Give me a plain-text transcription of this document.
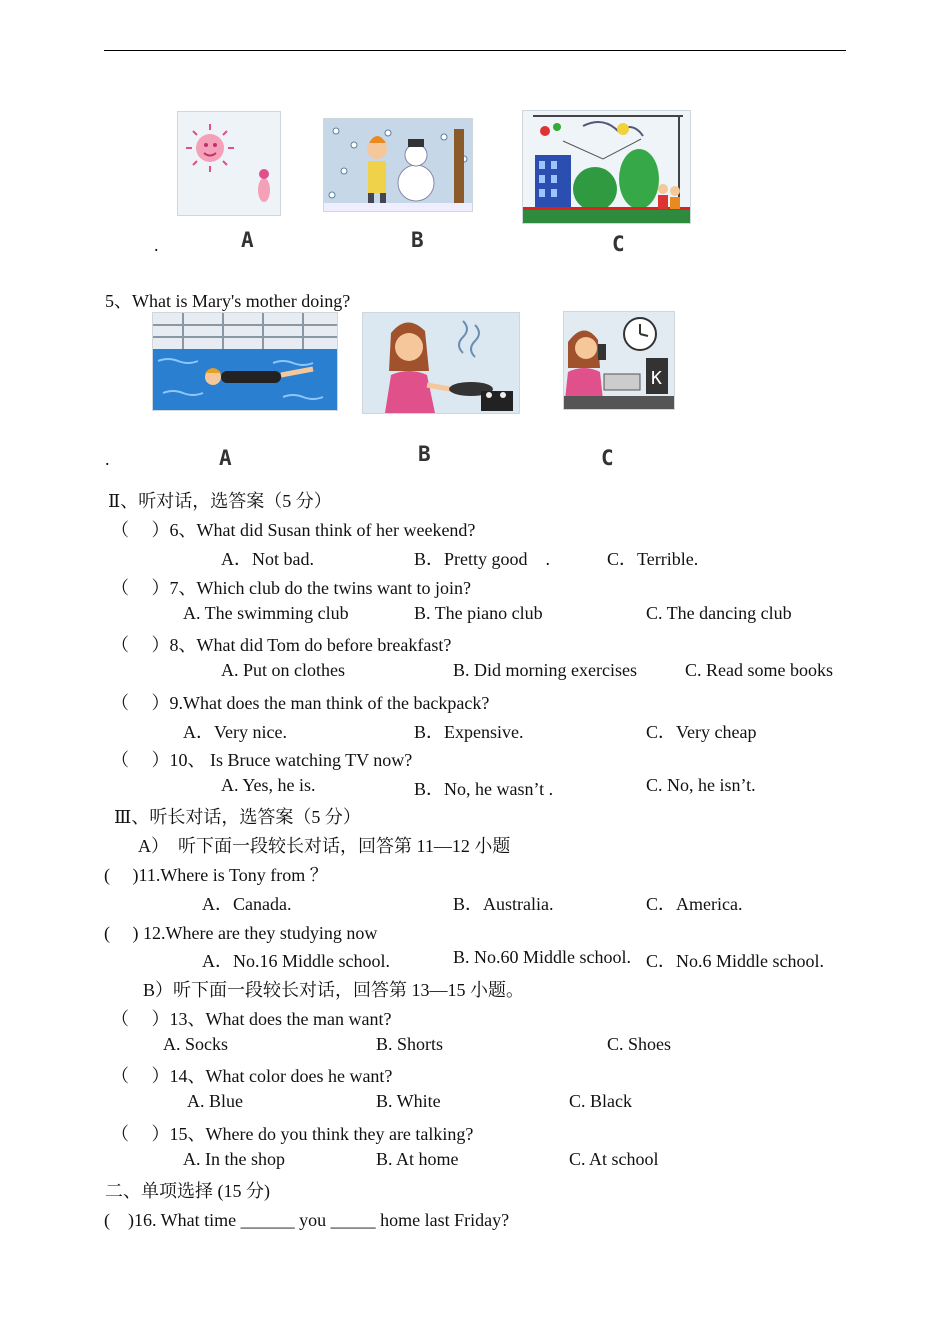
.	A	B	C
5、What is Mary's mother doing?
K
.	A	B	C
Ⅱ、听对话，选答案（5 分）
（　 ）6、What did Susan think of her weekend?
A．Not bad.	B．Pretty good　.	C．Terrible.
（　 ）7、Which club do the twins want to join?
A. The swimming club	B. The piano club	C. The dancing club
（　 ）8、What did Tom do before breakfast?
A. Put on clothes	B. Did morning exercises	C. Read some books
（　 ）9.What does the man think of the backpack?
A．Very nice.	B．Expensive.	C．Very cheap
（　 ）10、 Is Bruce watching TV now?
A. Yes, he is.	B．No, he wasn’t .	C. No, he isn’t.
Ⅲ、听长对话，选答案（5 分）
A）　听下面一段较长对话，回答第 11—12 小题
(　 )11.Where is Tony from ？
A．Canada.	B．Australia.	C．America.
(　 ) 12.Where are they studying now
A．No.16 Middle school.	B. No.60 Middle school. C．No.6 Middle school.
B）听下面一段较长对话，回答第 13—15 小题。
（　 ）13、What does the man want?
A. Socks	B. Shorts	C. Shoes
（　 ）14、What color does he want?
A. Blue	B. White	C. Black
（　 ）15、Where do you think they are talking?
A. In the shop	B. At home	C. At school
二、单项选择 (15 分)
(　)16. What time ______ you _____ home last Friday?
